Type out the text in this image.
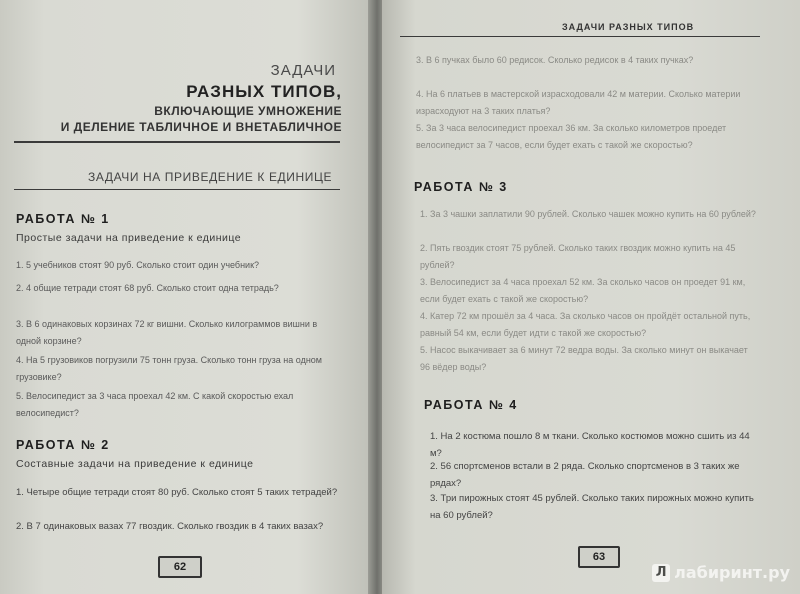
ЗАДАЧИ
РАЗНЫХ ТИПОВ,
ВКЛЮЧАЮЩИЕ УМНОЖЕНИЕ
И ДЕЛЕНИЕ ТАБЛИЧНОЕ И ВНЕТАБЛИЧНОЕ
ЗАДАЧИ НА ПРИВЕДЕНИЕ К ЕДИНИЦЕ
РАБОТА № 1
Простые задачи на приведение к единице
1. 5 учебников стоят 90 руб. Сколько стоит один учебник?
2. 4 общие тетради стоят 68 руб. Сколько стоит одна тетрадь?
3. В 6 одинаковых корзинах 72 кг вишни. Сколько килограммов вишни в одной корзине?
4. На 5 грузовиков погрузили 75 тонн груза. Сколько тонн груза на одном грузовике?
5. Велосипедист за 3 часа проехал 42 км. С какой скоростью ехал велосипедист?
РАБОТА № 2
Составные задачи на приведение к единице
1. Четыре общие тетради стоят 80 руб. Сколько стоят 5 таких тетрадей?
2. В 7 одинаковых вазах 77 гвоздик. Сколько гвоздик в 4 таких вазах?
62
ЗАДАЧИ РАЗНЫХ ТИПОВ
3. В 6 пучках было 60 редисок. Сколько редисок в 4 таких пучках?
4. На 6 платьев в мастерской израсходовали 42 м материи. Сколько материи израсходуют на 3 таких платья?
5. За 3 часа велосипедист проехал 36 км. За сколько километров проедет велосипедист за 7 часов, если будет ехать с такой же скоростью?
РАБОТА № 3
1. За 3 чашки заплатили 90 рублей. Сколько чашек можно купить на 60 рублей?
2. Пять гвоздик стоят 75 рублей. Сколько таких гвоздик можно купить на 45 рублей?
3. Велосипедист за 4 часа проехал 52 км. За сколько часов он проедет 91 км, если будет ехать с такой же скоростью?
4. Катер 72 км прошёл за 4 часа. За сколько часов он пройдёт остальной путь, равный 54 км, если будет идти с такой же скоростью?
5. Насос выкачивает за 6 минут 72 ведра воды. За сколько минут он выкачает 96 вёдер воды?
РАБОТА № 4
1. На 2 костюма пошло 8 м ткани. Сколько костюмов можно сшить из 44 м?
2. 56 спортсменов встали в 2 ряда. Сколько спортсменов в 3 таких же рядах?
3. Три пирожных стоят 45 рублей. Сколько таких пирожных можно купить на 60 рублей?
63
Л лабиринт.ру
